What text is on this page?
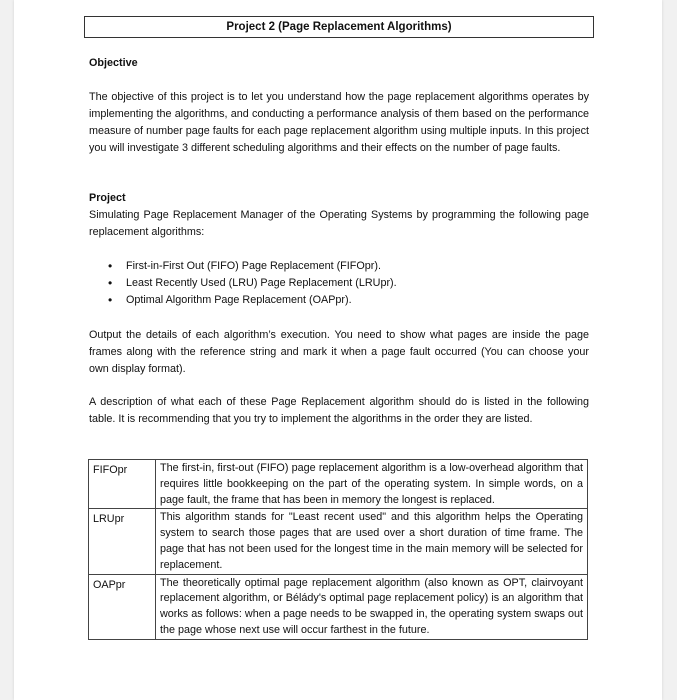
Project 2 (Page Replacement Algorithms)
Objective
The objective of this project is to let you understand how the page replacement algorithms operates by implementing the algorithms, and conducting a performance analysis of them based on the performance measure of number page faults for each page replacement algorithm using multiple inputs. In this project you will investigate 3 different scheduling algorithms and their effects on the number of page faults.
Project
Simulating Page Replacement Manager of the Operating Systems by programming the following page replacement algorithms:
• First-in-First Out (FIFO) Page Replacement (FIFOpr).
• Least Recently Used (LRU) Page Replacement (LRUpr).
• Optimal Algorithm Page Replacement (OAPpr).
Output the details of each algorithm’s execution. You need to show what pages are inside the page frames along with the reference string and mark it when a page fault occurred (You can choose your own display format).
A description of what each of these Page Replacement algorithm should do is listed in the following table. It is recommending that you try to implement the algorithms in the order they are listed.
FIFOpr	The first-in, first-out (FIFO) page replacement algorithm is a low-overhead algorithm that requires little bookkeeping on the part of the operating system. In simple words, on a page fault, the frame that has been in memory the longest is replaced.
LRUpr	This algorithm stands for "Least recent used" and this algorithm helps the Operating system to search those pages that are used over a short duration of time frame. The page that has not been used for the longest time in the main memory will be selected for replacement.
OAPpr	The theoretically optimal page replacement algorithm (also known as OPT, clairvoyant replacement algorithm, or Bélády's optimal page replacement policy) is an algorithm that works as follows: when a page needs to be swapped in, the operating system swaps out the page whose next use will occur farthest in the future.
